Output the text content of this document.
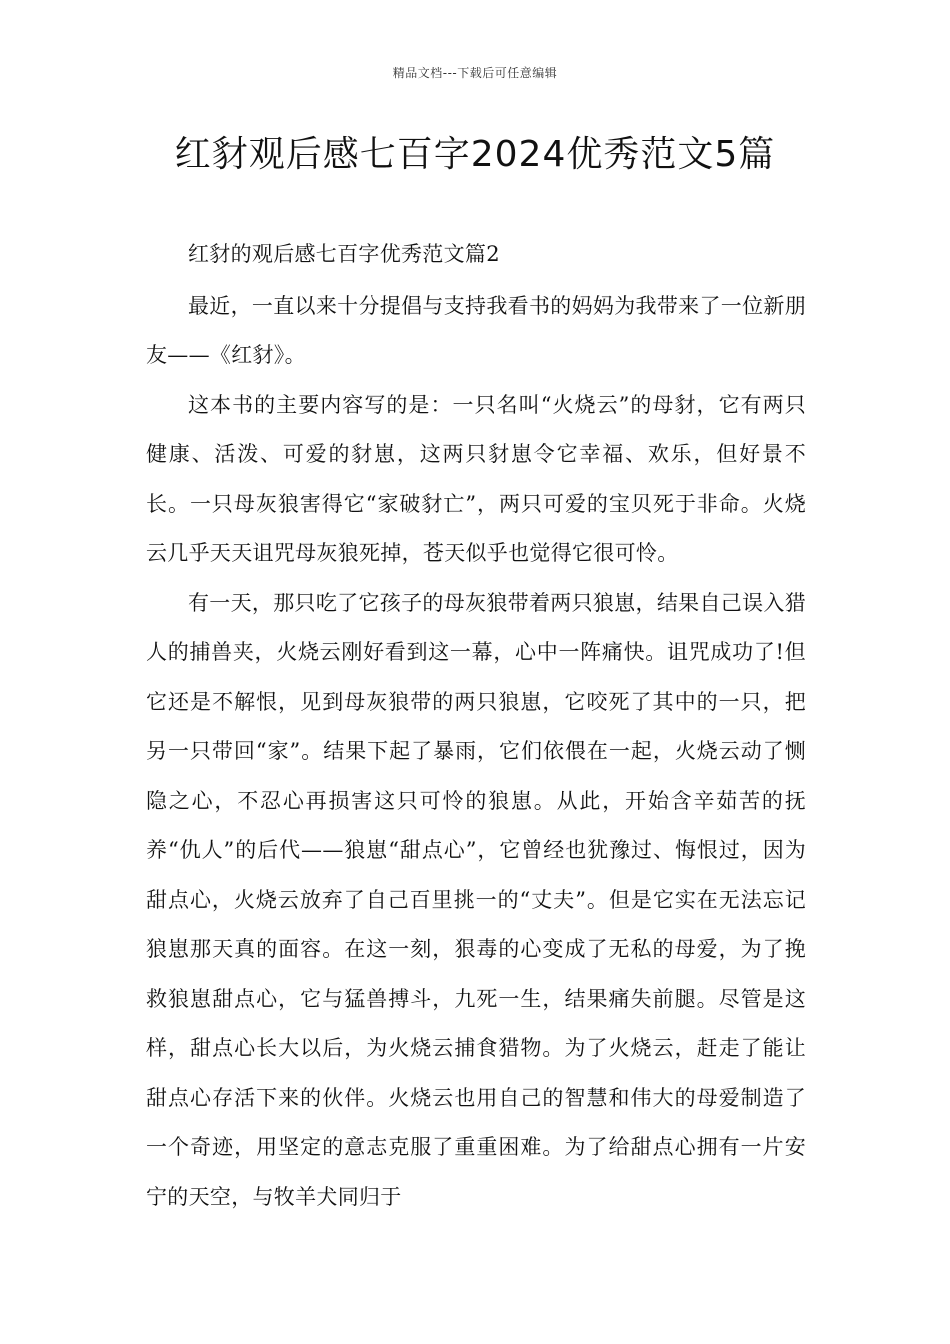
精品文档---下载后可任意编辑
红豺观后感七百字2024优秀范文5篇

红豺的观后感七百字优秀范文篇2

最近，一直以来十分提倡与支持我看书的妈妈为我带来了一位新朋友——《红豺》。

这本书的主要内容写的是：一只名叫“火烧云”的母豺，它有两只健康、活泼、可爱的豺崽，这两只豺崽令它幸福、欢乐，但好景不长。一只母灰狼害得它“家破豺亡”，两只可爱的宝贝死于非命。火烧云几乎天天诅咒母灰狼死掉，苍天似乎也觉得它很可怜。

有一天，那只吃了它孩子的母灰狼带着两只狼崽，结果自己误入猎人的捕兽夹，火烧云刚好看到这一幕，心中一阵痛快。诅咒成功了!但它还是不解恨，见到母灰狼带的两只狼崽，它咬死了其中的一只，把另一只带回“家”。结果下起了暴雨，它们依偎在一起，火烧云动了恻隐之心，不忍心再损害这只可怜的狼崽。从此，开始含辛茹苦的抚养“仇人”的后代——狼崽“甜点心”，它曾经也犹豫过、悔恨过，因为甜点心，火烧云放弃了自己百里挑一的“丈夫”。但是它实在无法忘记狼崽那天真的面容。在这一刻，狠毒的心变成了无私的母爱，为了挽救狼崽甜点心，它与猛兽搏斗，九死一生，结果痛失前腿。尽管是这样，甜点心长大以后，为火烧云捕食猎物。为了火烧云，赶走了能让甜点心存活下来的伙伴。火烧云也用自己的智慧和伟大的母爱制造了一个奇迹，用坚定的意志克服了重重困难。为了给甜点心拥有一片安宁的天空，与牧羊犬同归于
